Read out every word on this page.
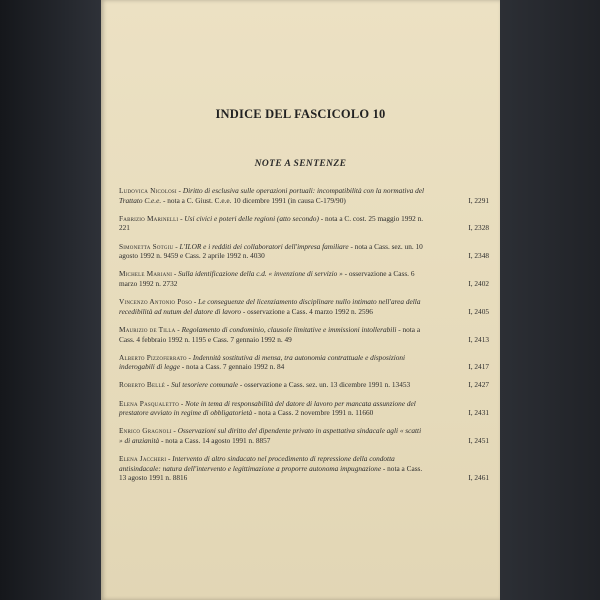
INDICE DEL FASCICOLO 10
NOTE A SENTENZE
Ludovica Nicolosi - Diritto di esclusiva sulle operazioni portuali: incompatibilità con la normativa del Trattato C.e.e. - nota a C. Giust. C.e.e. 10 dicembre 1991 (in causa C-179/90)	I, 2291
Fabrizio Marinelli - Usi civici e poteri delle regioni (atto secondo) - nota a C. cost. 25 maggio 1992 n. 221	I, 2328
Simonetta Sotgiu - L'ILOR e i redditi dei collaboratori dell'impresa familiare - nota a Cass. sez. un. 10 agosto 1992 n. 9459 e Cass. 2 aprile 1992 n. 4030	I, 2348
Michele Mariani - Sulla identificazione della c.d. « invenzione di servizio » - osservazione a Cass. 6 marzo 1992 n. 2732	I, 2402
Vincenzo Antonio Poso - Le conseguenze del licenziamento disciplinare nullo intimato nell'area della recedibilità ad nutum del datore di lavoro - osservazione a Cass. 4 marzo 1992 n. 2596	I, 2405
Maurizio de Tilla - Regolamento di condominio, clausole limitative e immissioni intollerabili - nota a Cass. 4 febbraio 1992 n. 1195 e Cass. 7 gennaio 1992 n. 49	I, 2413
Alberto Pizzoferrato - Indennità sostitutiva di mensa, tra autonomia contrattuale e disposizioni inderogabili di legge - nota a Cass. 7 gennaio 1992 n. 84	I, 2417
Roberto Bellé - Sul tesoriere comunale - osservazione a Cass. sez. un. 13 dicembre 1991 n. 13453	I, 2427
Elena Pasqualetto - Note in tema di responsabilità del datore di lavoro per mancata assunzione del prestatore avviato in regime di obbligatorietà - nota a Cass. 2 novembre 1991 n. 11660	I, 2431
Enrico Gragnoli - Osservazioni sul diritto del dipendente privato in aspettativa sindacale agli « scatti » di anzianità - nota a Cass. 14 agosto 1991 n. 8857	I, 2451
Elena Jaccheri - Intervento di altro sindacato nel procedimento di repressione della condotta antisindacale: natura dell'intervento e legittimazione a proporre autonoma impugnazione - nota a Cass. 13 agosto 1991 n. 8816	I, 2461
